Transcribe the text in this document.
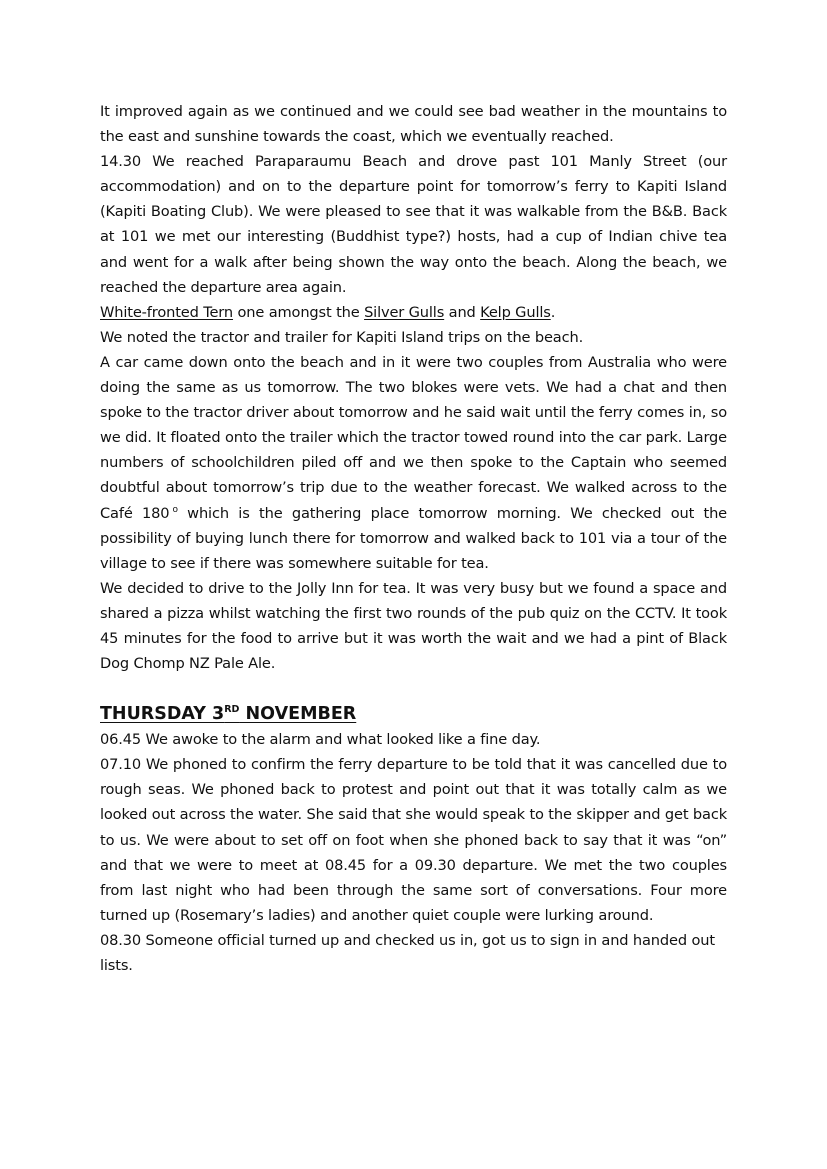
It improved again as we continued and we could see bad weather in the mountains to the east and sunshine towards the coast, which we eventually reached.

14.30 We reached Paraparaumu Beach and drove past 101 Manly Street (our accommodation) and on to the departure point for tomorrow’s ferry to Kapiti Island (Kapiti Boating Club). We were pleased to see that it was walkable from the B&B. Back at 101 we met our interesting (Buddhist type?) hosts, had a cup of Indian chive tea and went for a walk after being shown the way onto the beach. Along the beach, we reached the departure area again.

White-fronted Tern one amongst the Silver Gulls and Kelp Gulls.

We noted the tractor and trailer for Kapiti Island trips on the beach.

A car came down onto the beach and in it were two couples from Australia who were doing the same as us tomorrow. The two blokes were vets. We had a chat and then spoke to the tractor driver about tomorrow and he said wait until the ferry comes in, so we did. It floated onto the trailer which the tractor towed round into the car park. Large numbers of schoolchildren piled off and we then spoke to the Captain who seemed doubtful about tomorrow’s trip due to the weather forecast. We walked across to the Café 180 $^o$ which is the gathering place tomorrow morning. We checked out the possibility of buying lunch there for tomorrow and walked back to 101 via a tour of the village to see if there was somewhere suitable for tea.

We decided to drive to the Jolly Inn for tea. It was very busy but we found a space and shared a pizza whilst watching the first two rounds of the pub quiz on the CCTV. It took 45 minutes for the food to arrive but it was worth the wait and we had a pint of Black Dog Chomp NZ Pale Ale.

THURSDAY 3RD NOVEMBER

06.45 We awoke to the alarm and what looked like a fine day.

07.10 We phoned to confirm the ferry departure to be told that it was cancelled due to rough seas. We phoned back to protest and point out that it was totally calm as we looked out across the water. She said that she would speak to the skipper and get back to us. We were about to set off on foot when she phoned back to say that it was “on” and that we were to meet at 08.45 for a 09.30 departure. We met the two couples from last night who had been through the same sort of conversations. Four more turned up (Rosemary’s ladies) and another quiet couple were lurking around.

08.30 Someone official turned up and checked us in, got us to sign in and handed out lists.
